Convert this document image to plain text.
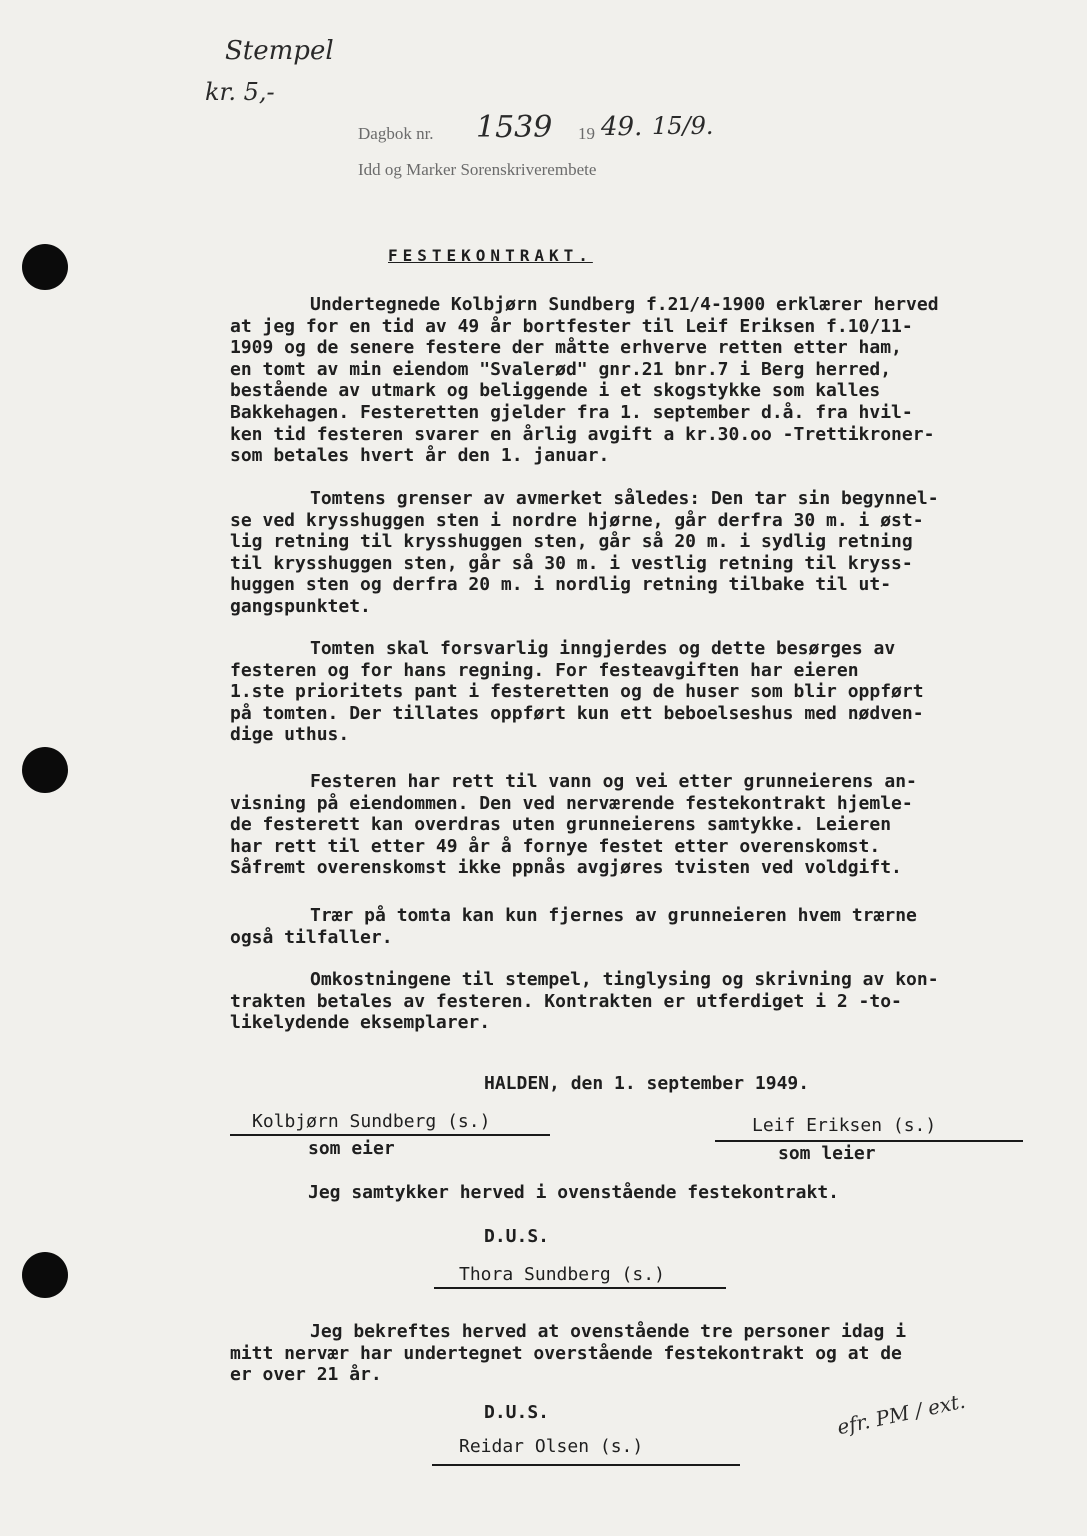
Stempel
kr. 5,-
Dagbok nr. 1539 19 49. 15/9.
Idd og Marker Sorenskriverembete
FESTEKONTRAKT.

Undertegnede Kolbjørn Sundberg f.21/4-1900 erklærer herved
at jeg for en tid av 49 år bortfester til Leif Eriksen f.10/11-
1909 og de senere festere der måtte erhverve retten etter ham,
en tomt av min eiendom "Svalerød" gnr.21 bnr.7 i Berg herred,
bestående av utmark og beliggende i et skogstykke som kalles
Bakkehagen. Festeretten gjelder fra 1. september d.å. fra hvil-
ken tid festeren svarer en årlig avgift a kr.30.oo -Trettikroner-
som betales hvert år den 1. januar.

Tomtens grenser av avmerket således: Den tar sin begynnel-
se ved krysshuggen sten i nordre hjørne, går derfra 30 m. i øst-
lig retning til krysshuggen sten, går så 20 m. i sydlig retning
til krysshuggen sten, går så 30 m. i vestlig retning til kryss-
huggen sten og derfra 20 m. i nordlig retning tilbake til ut-
gangspunktet.

Tomten skal forsvarlig inngjerdes og dette besørges av
festeren og for hans regning. For festeavgiften har eieren
1.ste prioritets pant i festeretten og de huser som blir oppført
på tomten. Der tillates oppført kun ett beboelseshus med nødven-
dige uthus.

Festeren har rett til vann og vei etter grunneierens an-
visning på eiendommen. Den ved nerværende festekontrakt hjemle-
de festerett kan overdras uten grunneierens samtykke. Leieren
har rett til etter 49 år å fornye festet etter overenskomst.
Såfremt overenskomst ikke ppnås avgjøres tvisten ved voldgift.

Trær på tomta kan kun fjernes av grunneieren hvem trærne
også tilfaller.

Omkostningene til stempel, tinglysing og skrivning av kon-
trakten betales av festeren. Kontrakten er utferdiget i 2 -to-
likelydende eksemplarer.

HALDEN, den 1. september 1949.
Kolbjørn Sundberg (s.)
som eier
Leif Eriksen (s.)
som leier
Jeg samtykker herved i ovenstående festekontrakt.
D.U.S.
Thora Sundberg (s.)

Jeg bekreftes herved at ovenstående tre personer idag i
mitt nervær har undertegnet overstående festekontrakt og at de
er over 21 år.

D.U.S.
Reidar Olsen (s.)
efr. PM / ext.
